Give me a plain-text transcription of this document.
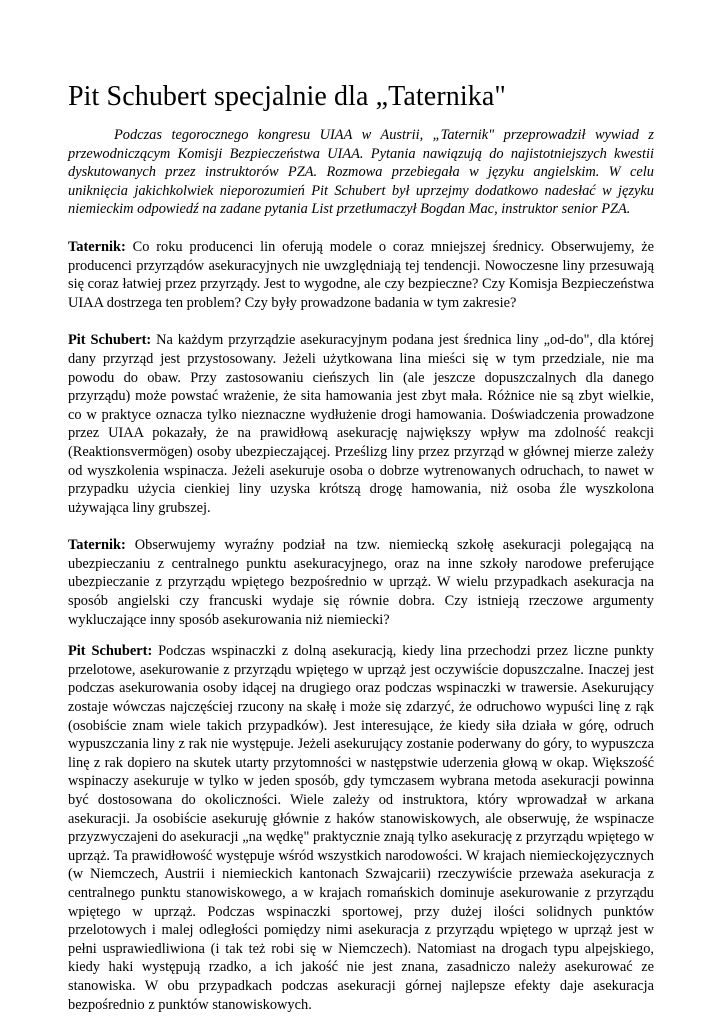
Pit Schubert specjalnie dla „Taternika"

Podczas tegorocznego kongresu UIAA w Austrii, „Taternik" przeprowadził wywiad z przewodniczącym Komisji Bezpieczeństwa UIAA. Pytania nawiązują do najistotniejszych kwestii dyskutowanych przez instruktorów PZA. Rozmowa przebiegała w języku angielskim. W celu uniknięcia jakichkolwiek nieporozumień Pit Schubert był uprzejmy dodatkowo nadesłać w języku niemieckim odpowiedź na zadane pytania List przetłumaczył Bogdan Mac, instruktor senior PZA.

Taternik: Co roku producenci lin oferują modele o coraz mniejszej średnicy. Obserwujemy, że producenci przyrządów asekuracyjnych nie uwzględniają tej tendencji. Nowoczesne liny przesuwają się coraz łatwiej przez przyrządy. Jest to wygodne, ale czy bezpieczne? Czy Komisja Bezpieczeństwa UIAA dostrzega ten problem? Czy były prowadzone badania w tym zakresie?

Pit Schubert: Na każdym przyrządzie asekuracyjnym podana jest średnica liny „od-do", dla której dany przyrząd jest przystosowany. Jeżeli użytkowana lina mieści się w tym przedziale, nie ma powodu do obaw. Przy zastosowaniu cieńszych lin (ale jeszcze dopuszczalnych dla danego przyrządu) może powstać wrażenie, że sita hamowania jest zbyt mała. Różnice nie są zbyt wielkie, co w praktyce oznacza tylko nieznaczne wydłużenie drogi hamowania. Doświadczenia prowadzone przez UIAA pokazały, że na prawidłową asekurację największy wpływ ma zdolność reakcji (Reaktionsvermögen) osoby ubezpieczającej. Prześlizg liny przez przyrząd w głównej mierze zależy od wyszkolenia wspinacza. Jeżeli asekuruje osoba o dobrze wytrenowanych odruchach, to nawet w przypadku użycia cienkiej liny uzyska krótszą drogę hamowania, niż osoba źle wyszkolona używająca liny grubszej.

Taternik: Obserwujemy wyraźny podział na tzw. niemiecką szkołę asekuracji polegającą na ubezpieczaniu z centralnego punktu asekuracyjnego, oraz na inne szkoły narodowe preferujące ubezpieczanie z przyrządu wpiętego bezpośrednio w uprząż. W wielu przypadkach asekuracja na sposób angielski czy francuski wydaje się równie dobra. Czy istnieją rzeczowe argumenty wykluczające inny sposób asekurowania niż niemiecki?

Pit Schubert: Podczas wspinaczki z dolną asekuracją, kiedy lina przechodzi przez liczne punkty przelotowe, asekurowanie z przyrządu wpiętego w uprząż jest oczywiście dopuszczalne. Inaczej jest podczas asekurowania osoby idącej na drugiego oraz podczas wspinaczki w trawersie. Asekurujący zostaje wówczas najczęściej rzucony na skałę i może się zdarzyć, że odruchowo wypuści linę z rąk (osobiście znam wiele takich przypadków). Jest interesujące, że kiedy siła działa w górę, odruch wypuszczania liny z rak nie występuje. Jeżeli asekurujący zostanie poderwany do góry, to wypuszcza linę z rak dopiero na skutek utarty przytomności w następstwie uderzenia głową w okap. Większość wspinaczy asekuruje w tylko w jeden sposób, gdy tymczasem wybrana metoda asekuracji powinna być dostosowana do okoliczności. Wiele zależy od instruktora, który wprowadzał w arkana asekuracji. Ja osobiście asekuruję głównie z haków stanowiskowych, ale obserwuję, że wspinacze przyzwyczajeni do asekuracji „na wędkę" praktycznie znają tylko asekurację z przyrządu wpiętego w uprząż. Ta prawidłowość występuje wśród wszystkich narodowości. W krajach niemieckojęzycznych (w Niemczech, Austrii i niemieckich kantonach Szwajcarii) rzeczywiście przeważa asekuracja z centralnego punktu stanowiskowego, a w krajach romańskich dominuje asekurowanie z przyrządu wpiętego w uprząż. Podczas wspinaczki sportowej, przy dużej ilości solidnych punktów przelotowych i malej odległości pomiędzy nimi asekuracja z przyrządu wpiętego w uprząż jest w pełni usprawiedliwiona (i tak też robi się w Niemczech). Natomiast na drogach typu alpejskiego, kiedy haki występują rzadko, a ich jakość nie jest znana, zasadniczo należy asekurować ze stanowiska. W obu przypadkach podczas asekuracji górnej najlepsze efekty daje asekuracja bezpośrednio z punktów stanowiskowych.
